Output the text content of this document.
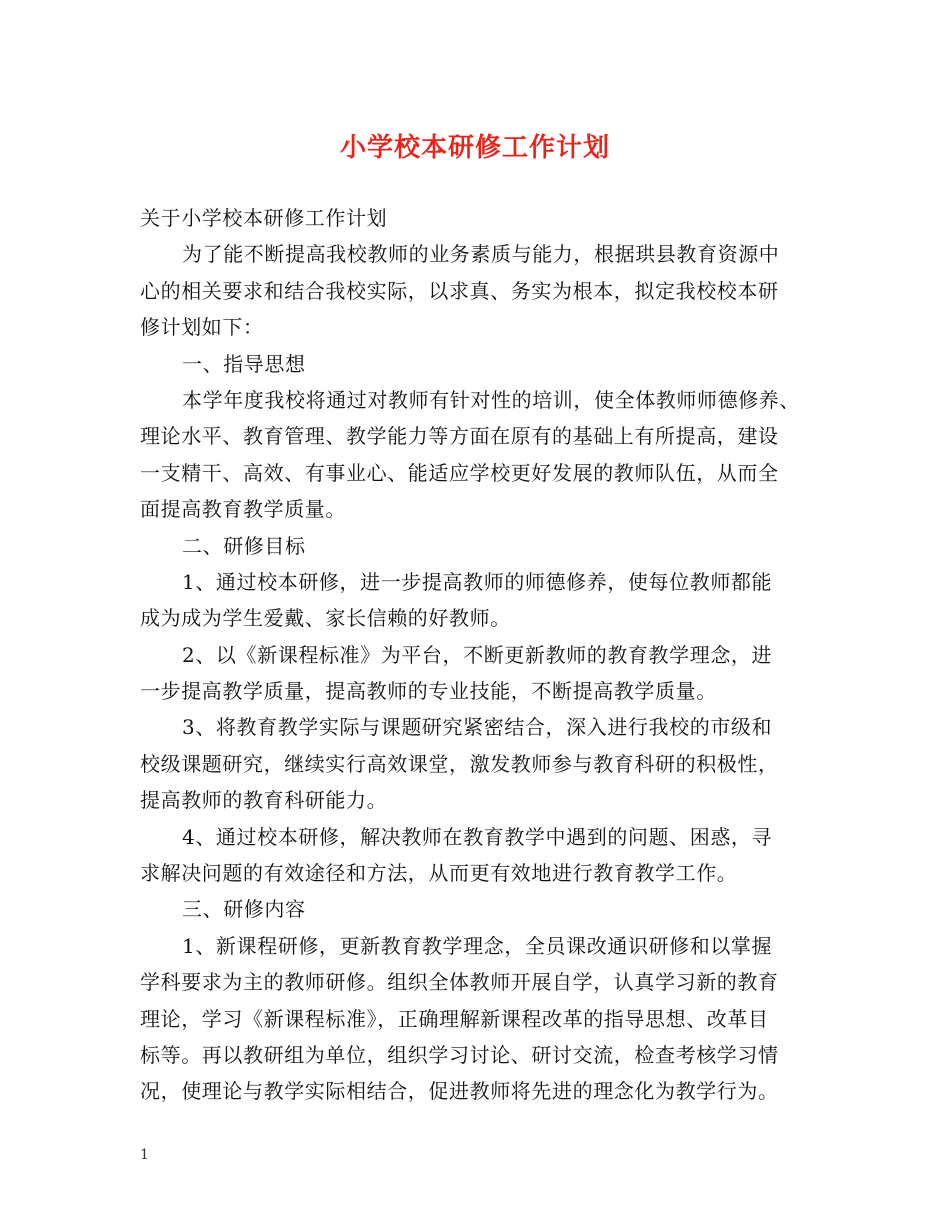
小学校本研修工作计划
关于小学校本研修工作计划
为了能不断提高我校教师的业务素质与能力，根据珙县教育资源中
心的相关要求和结合我校实际，以求真、务实为根本，拟定我校校本研
修计划如下：
一、指导思想
本学年度我校将通过对教师有针对性的培训，使全体教师师德修养、
理论水平、教育管理、教学能力等方面在原有的基础上有所提高，建设
一支精干、高效、有事业心、能适应学校更好发展的教师队伍，从而全
面提高教育教学质量。
二、研修目标
1、通过校本研修，进一步提高教师的师德修养，使每位教师都能
成为成为学生爱戴、家长信赖的好教师。
2、以《新课程标准》为平台，不断更新教师的教育教学理念，进
一步提高教学质量，提高教师的专业技能，不断提高教学质量。
3、将教育教学实际与课题研究紧密结合，深入进行我校的市级和
校级课题研究，继续实行高效课堂，激发教师参与教育科研的积极性，
提高教师的教育科研能力。
4、通过校本研修，解决教师在教育教学中遇到的问题、困惑，寻
求解决问题的有效途径和方法，从而更有效地进行教育教学工作。
三、研修内容
1、新课程研修，更新教育教学理念，全员课改通识研修和以掌握
学科要求为主的教师研修。组织全体教师开展自学，认真学习新的教育
理论，学习《新课程标准》，正确理解新课程改革的指导思想、改革目
标等。再以教研组为单位，组织学习讨论、研讨交流，检查考核学习情
况，使理论与教学实际相结合，促进教师将先进的理念化为教学行为。
1
